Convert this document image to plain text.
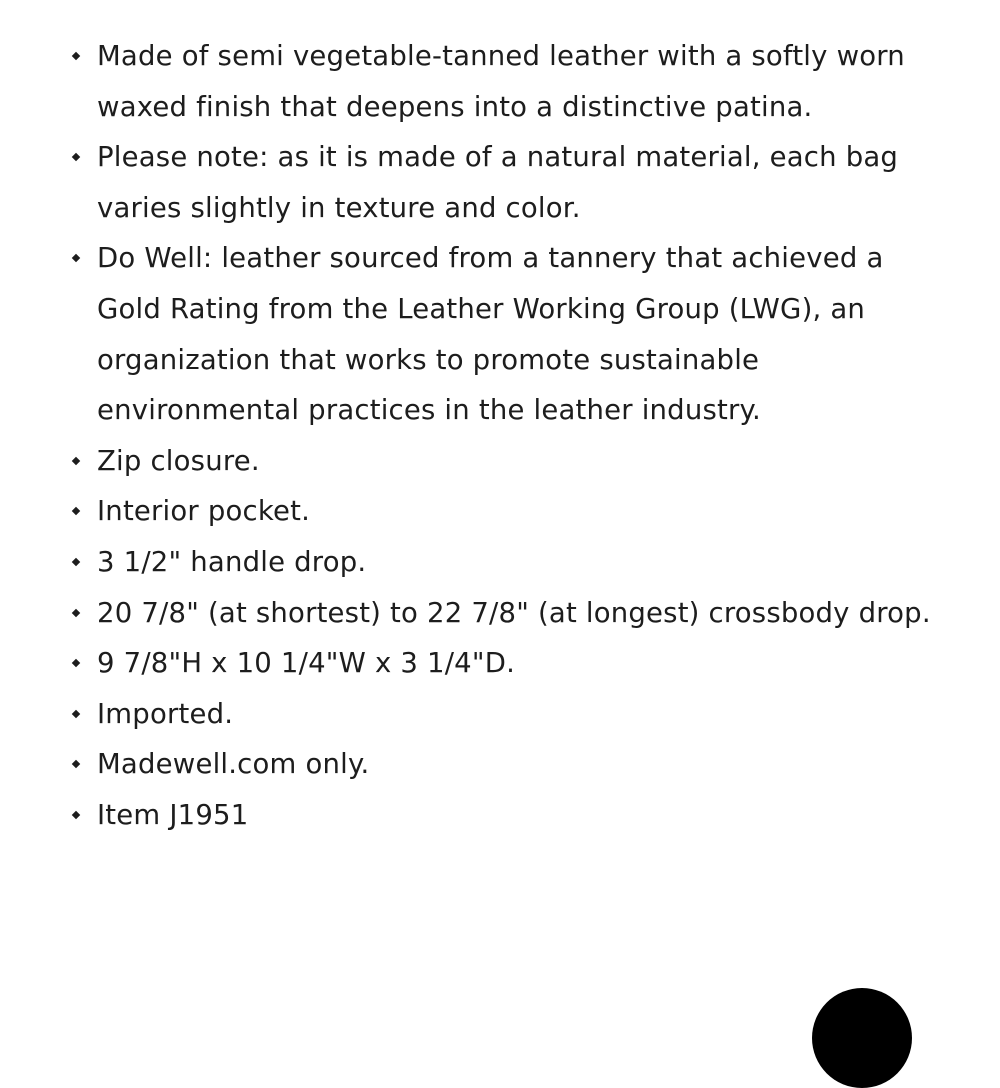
Made of semi vegetable-tanned leather with a softly worn waxed finish that deepens into a distinctive patina.
Please note: as it is made of a natural material, each bag varies slightly in texture and color.
Do Well: leather sourced from a tannery that achieved a Gold Rating from the Leather Working Group (LWG), an organization that works to promote sustainable environmental practices in the leather industry.
Zip closure.
Interior pocket.
3 1/2" handle drop.
20 7/8" (at shortest) to 22 7/8" (at longest) crossbody drop.
9 7/8"H x 10 1/4"W x 3 1/4"D.
Imported.
Madewell.com only.
Item J1951
